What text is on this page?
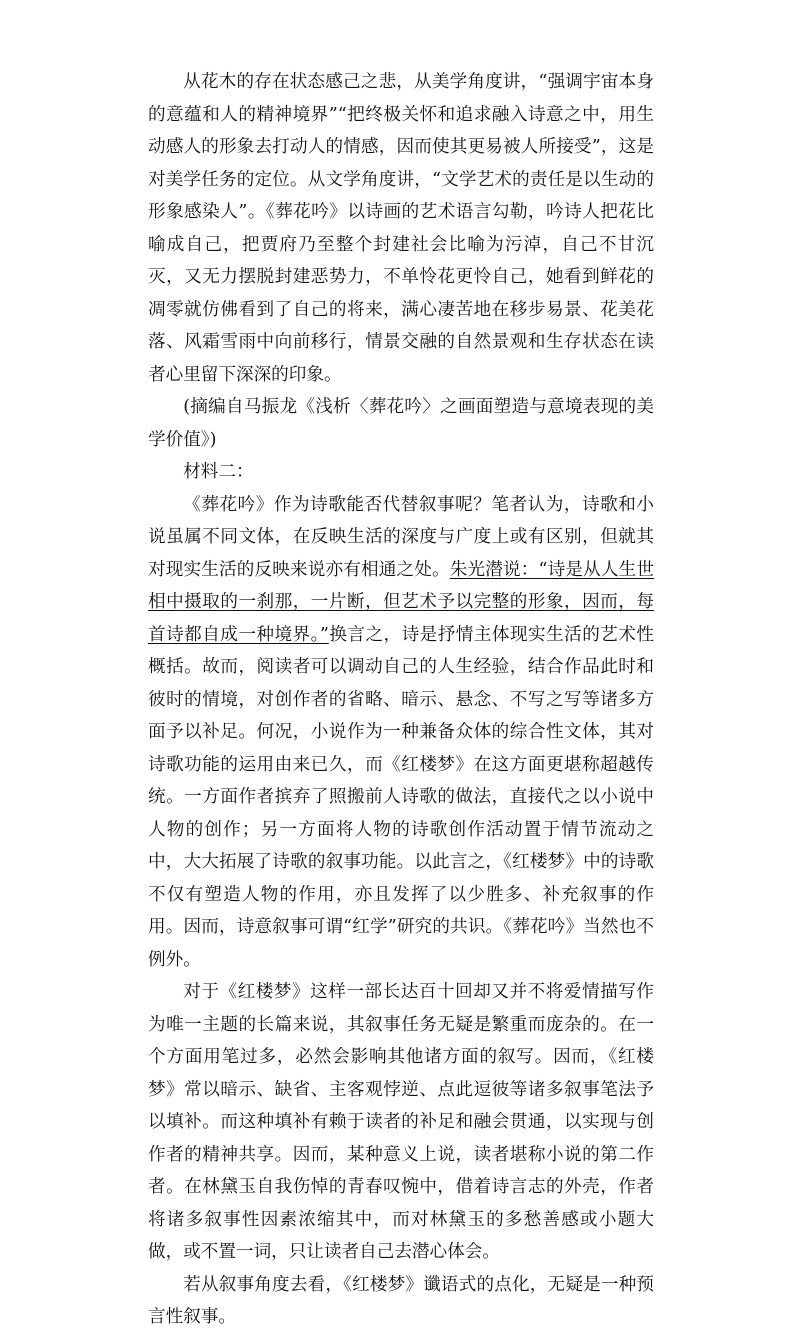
从花木的存在状态感己之悲，从美学角度讲，“强调宇宙本身的意蕴和人的精神境界”“把终极关怀和追求融入诗意之中，用生动感人的形象去打动人的情感，因而使其更易被人所接受”，这是对美学任务的定位。从文学角度讲，“文学艺术的责任是以生动的形象感染人”。《葬花吟》以诗画的艺术语言勾勒，吟诗人把花比喻成自己，把贾府乃至整个封建社会比喻为污淖，自己不甘沉灭，又无力摆脱封建恶势力，不单怜花更怜自己，她看到鲜花的凋零就仿佛看到了自己的将来，满心凄苦地在移步易景、花美花落、风霜雪雨中向前移行，情景交融的自然景观和生存状态在读者心里留下深深的印象。

(摘编自马振龙《浅析〈葬花吟〉之画面塑造与意境表现的美学价值》)

材料二：

《葬花吟》作为诗歌能否代替叙事呢？笔者认为，诗歌和小说虽属不同文体，在反映生活的深度与广度上或有区别，但就其对现实生活的反映来说亦有相通之处。朱光潜说：“诗是从人生世相中摄取的一刹那，一片断，但艺术予以完整的形象，因而，每首诗都自成一种境界。”换言之，诗是抒情主体现实生活的艺术性概括。故而，阅读者可以调动自己的人生经验，结合作品此时和彼时的情境，对创作者的省略、暗示、悬念、不写之写等诸多方面予以补足。何况，小说作为一种兼备众体的综合性文体，其对诗歌功能的运用由来已久，而《红楼梦》在这方面更堪称超越传统。一方面作者摈弃了照搬前人诗歌的做法，直接代之以小说中人物的创作；另一方面将人物的诗歌创作活动置于情节流动之中，大大拓展了诗歌的叙事功能。以此言之，《红楼梦》中的诗歌不仅有塑造人物的作用，亦且发挥了以少胜多、补充叙事的作用。因而，诗意叙事可谓“红学”研究的共识。《葬花吟》当然也不例外。

对于《红楼梦》这样一部长达百十回却又并不将爱情描写作为唯一主题的长篇来说，其叙事任务无疑是繁重而庞杂的。在一个方面用笔过多，必然会影响其他诸方面的叙写。因而，《红楼梦》常以暗示、缺省、主客观悖逆、点此逗彼等诸多叙事笔法予以填补。而这种填补有赖于读者的补足和融会贯通，以实现与创作者的精神共享。因而，某种意义上说，读者堪称小说的第二作者。在林黛玉自我伤悼的青春叹惋中，借着诗言志的外壳，作者将诸多叙事性因素浓缩其中，而对林黛玉的多愁善感或小题大做，或不置一词，只让读者自己去潜心体会。

若从叙事角度去看，《红楼梦》谶语式的点化，无疑是一种预言性叙事。
